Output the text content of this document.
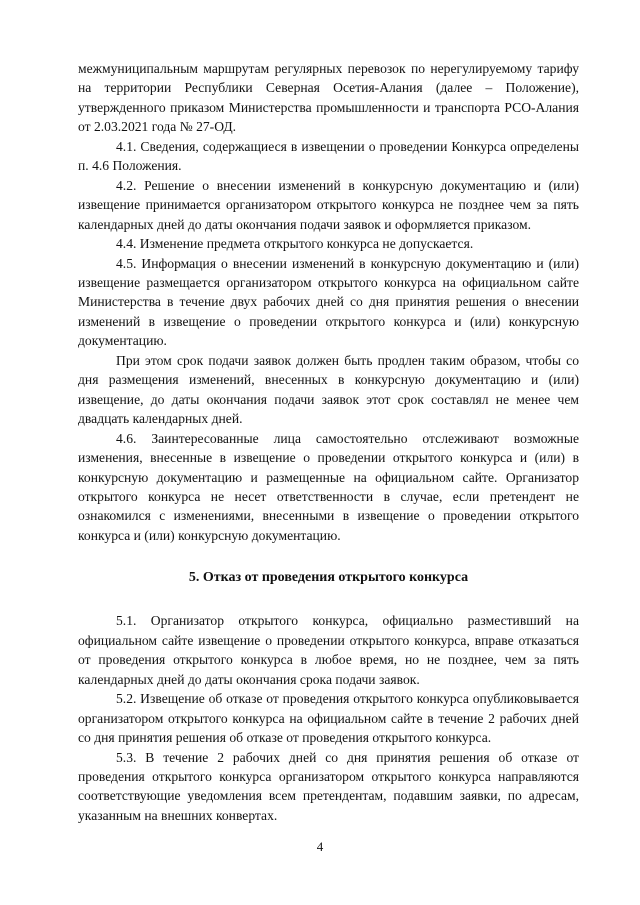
межмуниципальным маршрутам регулярных перевозок по нерегулируемому тарифу на территории Республики Северная Осетия-Алания (далее – Положение), утвержденного приказом Министерства промышленности и транспорта РСО-Алания от 2.03.2021 года № 27-ОД.

4.1. Сведения, содержащиеся в извещении о проведении Конкурса определены п. 4.6 Положения.

4.2. Решение о внесении изменений в конкурсную документацию и (или) извещение принимается организатором открытого конкурса не позднее чем за пять календарных дней до даты окончания подачи заявок и оформляется приказом.

4.4. Изменение предмета открытого конкурса не допускается.

4.5. Информация о внесении изменений в конкурсную документацию и (или) извещение размещается организатором открытого конкурса на официальном сайте Министерства в течение двух рабочих дней со дня принятия решения о внесении изменений в извещение о проведении открытого конкурса и (или) конкурсную документацию.

При этом срок подачи заявок должен быть продлен таким образом, чтобы со дня размещения изменений, внесенных в конкурсную документацию и (или) извещение, до даты окончания подачи заявок этот срок составлял не менее чем двадцать календарных дней.

4.6. Заинтересованные лица самостоятельно отслеживают возможные изменения, внесенные в извещение о проведении открытого конкурса и (или) в конкурсную документацию и размещенные на официальном сайте. Организатор открытого конкурса не несет ответственности в случае, если претендент не ознакомился с изменениями, внесенными в извещение о проведении открытого конкурса и (или) конкурсную документацию.

5. Отказ от проведения открытого конкурса

5.1. Организатор открытого конкурса, официально разместивший на официальном сайте извещение о проведении открытого конкурса, вправе отказаться от проведения открытого конкурса в любое время, но не позднее, чем за пять календарных дней до даты окончания срока подачи заявок.

5.2. Извещение об отказе от проведения открытого конкурса опубликовывается организатором открытого конкурса на официальном сайте в течение 2 рабочих дней со дня принятия решения об отказе от проведения открытого конкурса.

5.3. В течение 2 рабочих дней со дня принятия решения об отказе от проведения открытого конкурса организатором открытого конкурса направляются соответствующие уведомления всем претендентам, подавшим заявки, по адресам, указанным на внешних конвертах.

4
